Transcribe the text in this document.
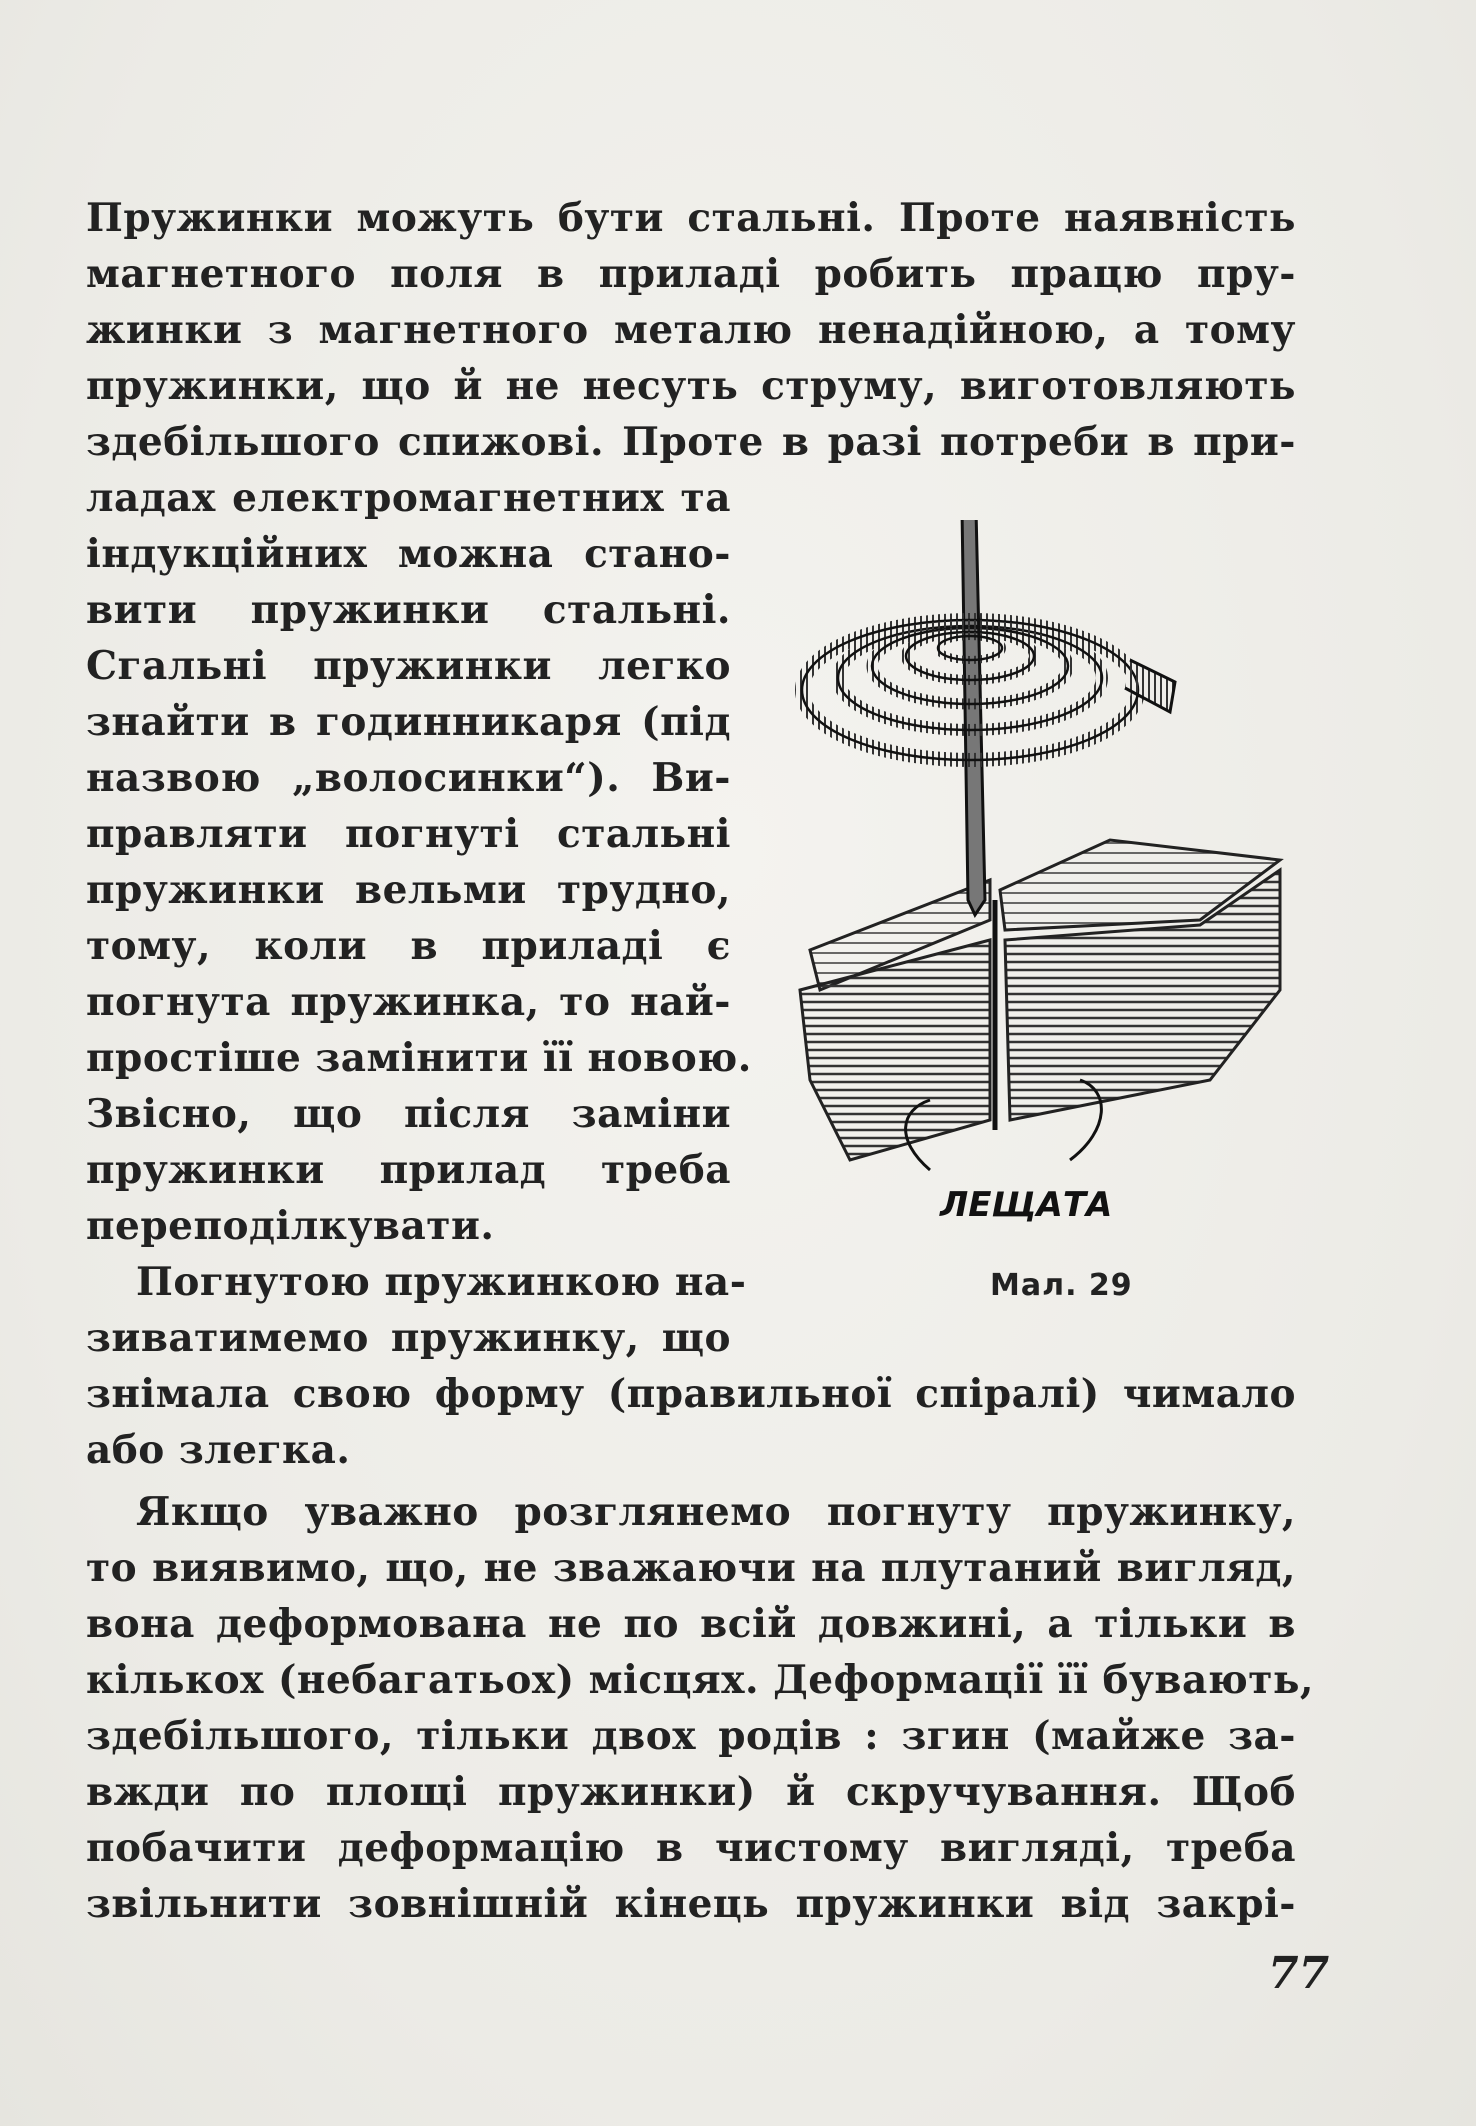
Пружинки можуть бути стальні. Проте наявність
магнетного поля в приладі робить працю пру-
жинки з магнетного металю ненадійною, а тому
пружинки, що й не несуть струму, виготовляють
здебільшого спижові. Проте в разі потреби в при-
ладах електромагнетних та
індукційних можна стано-
вити пружинки стальні.
Сгальні пружинки легко
знайти в годинникаря (під
назвою „волосинки“). Ви-
правляти погнуті стальні
пружинки вельми трудно,
тому, коли в приладі є
погнута пружинка, то най-
простіше замінити її новою.
Звісно, що після заміни
пружинки прилад треба
переподілкувати.
Погнутою пружинкою на-
зиватимемо пружинку, що
знімала свою форму (правильної спіралі) чимало
або злегка.
Якщо уважно розглянемо погнуту пружинку,
то виявимо, що, не зважаючи на плутаний вигляд,
вона деформована не по всій довжині, а тільки в
кількох (небагатьох) місцях. Деформації її бувають,
здебільшого, тільки двох родів : згин (майже за-
вжди по площі пружинки) й скручування. Щоб
побачити деформацію в чистому вигляді, треба
звільнити зовнішній кінець пружинки від закрі-
ЛЕЩАТА
Мал. 29
77
